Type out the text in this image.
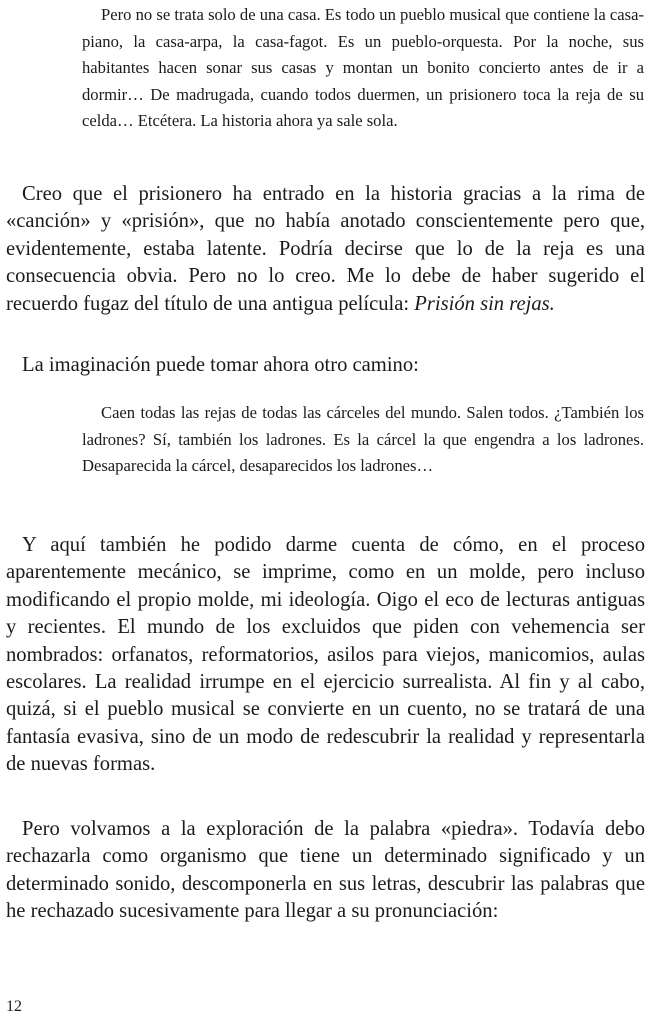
Pero no se trata solo de una casa. Es todo un pueblo musical que contiene la casa-piano, la casa-arpa, la casa-fagot. Es un pueblo-orquesta. Por la noche, sus habitantes hacen sonar sus casas y montan un bonito concierto antes de ir a dormir… De madrugada, cuando todos duermen, un prisionero toca la reja de su celda… Etcétera. La historia ahora ya sale sola.

Creo que el prisionero ha entrado en la historia gracias a la rima de «canción» y «prisión», que no había anotado conscientemente pero que, evidentemente, estaba latente. Podría decirse que lo de la reja es una consecuencia obvia. Pero no lo creo. Me lo debe de haber sugerido el recuerdo fugaz del título de una antigua película: Prisión sin rejas.

La imaginación puede tomar ahora otro camino:

Caen todas las rejas de todas las cárceles del mundo. Salen todos. ¿También los ladrones? Sí, también los ladrones. Es la cárcel la que engendra a los ladrones. Desaparecida la cárcel, desaparecidos los ladrones…

Y aquí también he podido darme cuenta de cómo, en el proceso aparentemente mecánico, se imprime, como en un molde, pero incluso modificando el propio molde, mi ideología. Oigo el eco de lecturas antiguas y recientes. El mundo de los excluidos que piden con vehemencia ser nombrados: orfanatos, reformatorios, asilos para viejos, manicomios, aulas escolares. La realidad irrumpe en el ejercicio surrealista. Al fin y al cabo, quizá, si el pueblo musical se convierte en un cuento, no se tratará de una fantasía evasiva, sino de un modo de redescubrir la realidad y representarla de nuevas formas.

Pero volvamos a la exploración de la palabra «piedra». Todavía debo rechazarla como organismo que tiene un determinado significado y un determinado sonido, descomponerla en sus letras, descubrir las palabras que he rechazado sucesivamente para llegar a su pronunciación:

12
